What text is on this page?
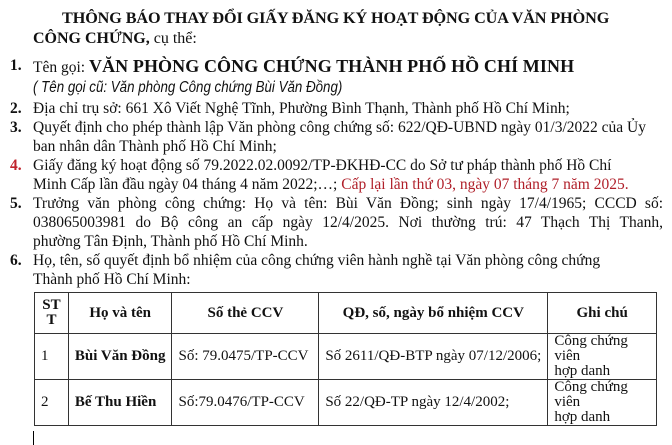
THÔNG BÁO THAY ĐỔI GIẤY ĐĂNG KÝ HOẠT ĐỘNG CỦA VĂN PHÒNG
CÔNG CHỨNG, cụ thể:
1. Tên gọi: VĂN PHÒNG CÔNG CHỨNG THÀNH PHỐ HỒ CHÍ MINH
( Tên gọi cũ: Văn phòng Công chứng Bùi Văn Đồng)
2. Địa chỉ trụ sở: 661 Xô Viết Nghệ Tĩnh, Phường Bình Thạnh, Thành phố Hồ Chí Minh;
3. Quyết định cho phép thành lập Văn phòng công chứng số: 622/QĐ-UBND ngày 01/3/2022 của Ủy
ban nhân dân Thành phố Hồ Chí Minh;
4. Giấy đăng ký hoạt động số 79.2022.02.0092/TP-ĐKHĐ-CC do Sở tư pháp thành phố Hồ Chí
Minh Cấp lần đầu ngày 04 tháng 4 năm 2022;…; Cấp lại lần thứ 03, ngày 07 tháng 7 năm 2025.
5. Trưởng văn phòng công chứng: Họ và tên: Bùi Văn Đồng; sinh ngày 17/4/1965; CCCD số:
038065003981 do Bộ công an cấp ngày 12/4/2025. Nơi thường trú: 47 Thạch Thị Thanh,
phường Tân Định, Thành phố Hồ Chí Minh.
6. Họ, tên, số quyết định bổ nhiệm của công chứng viên hành nghề tại Văn phòng công chứng
Thành phố Hồ Chí Minh:
ST
T	Họ và tên	Số thẻ CCV	QĐ, số, ngày bổ nhiệm CCV	Ghi chú
1	Bùi Văn Đồng	Số: 79.0475/TP-CCV	Số 2611/QĐ-BTP ngày 07/12/2006;	Công chứng viên
hợp danh
2	Bế Thu Hiền	Số:79.0476/TP-CCV	Số 22/QĐ-TP ngày 12/4/2002;	Công chứng viên
hợp danh
